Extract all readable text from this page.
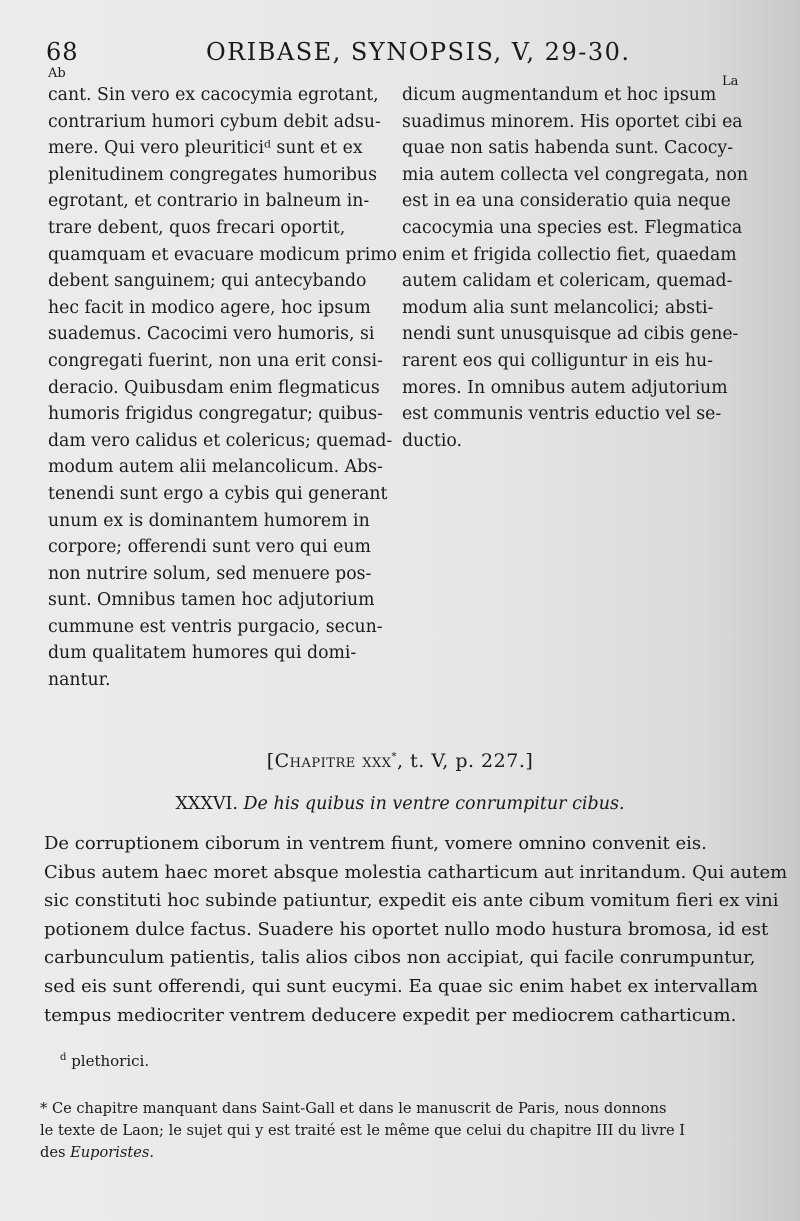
68	ORIBASE, SYNOPSIS, V, 29-30.
Ab
La
cant. Sin vero ex cacocymia egrotant,
contrarium humori cybum debit adsu-
mere. Qui vero pleuriticiᵈ sunt et ex
plenitudinem congregates humoribus
egrotant, et contrario in balneum in-
trare debent, quos frecari oportit,
quamquam et evacuare modicum primo
debent sanguinem; qui antecybando
hec facit in modico agere, hoc ipsum
suademus. Cacocimi vero humoris, si
congregati fuerint, non una erit consi-
deracio. Quibusdam enim flegmaticus
humoris frigidus congregatur; quibus-
dam vero calidus et colericus; quemad-
modum autem alii melancolicum. Abs-
tenendi sunt ergo a cybis qui generant
unum ex is dominantem humorem in
corpore; offerendi sunt vero qui eum
non nutrire solum, sed menuere pos-
sunt. Omnibus tamen hoc adjutorium
cummune est ventris purgacio, secun-
dum qualitatem humores qui domi-
nantur.
dicum augmentandum et hoc ipsum
suadimus minorem. His oportet cibi ea
quae non satis habenda sunt. Cacocy-
mia autem collecta vel congregata, non
est in ea una consideratio quia neque
cacocymia una species est. Flegmatica
enim et frigida collectio fiet, quaedam
autem calidam et colericam, quemad-
modum alia sunt melancolici; absti-
nendi sunt unusquisque ad cibis gene-
rarent eos qui colliguntur in eis hu-
mores. In omnibus autem adjutorium
est communis ventris eductio vel se-
ductio.
[Chapitre xxx*, t. V, p. 227.]
XXXVI. De his quibus in ventre conrumpitur cibus.
De corruptionem ciborum in ventrem fiunt, vomere omnino convenit eis.
Cibus autem haec moret absque molestia catharticum aut inritandum. Qui autem
sic constituti hoc subinde patiuntur, expedit eis ante cibum vomitum fieri ex vini
potionem dulce factus. Suadere his oportet nullo modo hustura bromosa, id est
carbunculum patientis, talis alios cibos non accipiat, qui facile conrumpuntur,
sed eis sunt offerendi, qui sunt eucymi. Ea quae sic enim habet ex intervallam
tempus mediocriter ventrem deducere expedit per mediocrem catharticum.
$^d$ plethorici.
* Ce chapitre manquant dans Saint-Gall et dans le manuscrit de Paris, nous donnons
le texte de Laon; le sujet qui y est traité est le même que celui du chapitre III du livre I
des Euporistes.
